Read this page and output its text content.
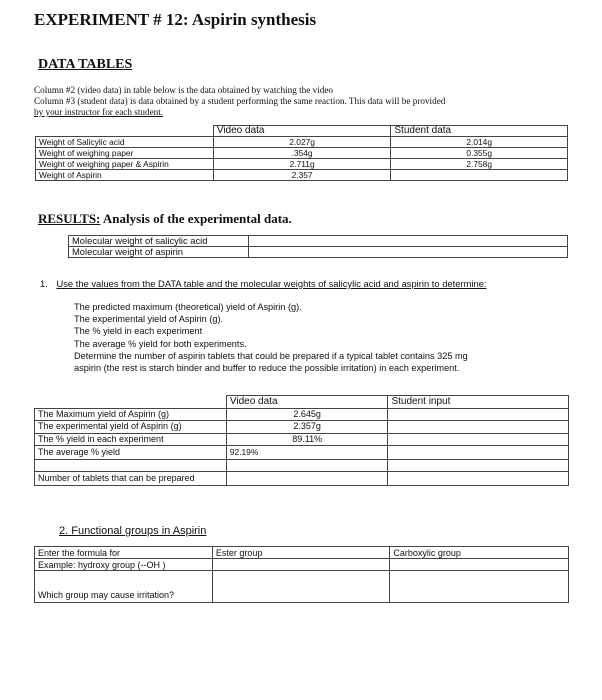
EXPERIMENT # 12: Aspirin synthesis
DATA TABLES
Column #2 (video data) in table below is the data obtained by watching the video
Column #3 (student data) is data obtained by a student performing the same reaction. This data will be provided
by your instructor for each student.
	Video data	Student data
Weight of Salicylic acid	2.027g	2.014g
Weight of weighing paper	.354g	0.355g
Weight of weighing paper & Aspirin	2.711g	2.758g
Weight of Aspirin	2.357	
RESULTS: Analysis of the experimental data.
Molecular weight of salicylic acid	
Molecular weight of aspirin	
1. Use the values from the DATA table and the molecular weights of salicylic acid and aspirin to determine:
The predicted maximum (theoretical) yield of Aspirin (g).
The experimental yield of Aspirin (g).
The % yield in each experiment
The average % yield for both experiments.
Determine the number of aspirin tablets that could be prepared if a typical tablet contains 325 mg
aspirin (the rest is starch binder and buffer to reduce the possible irritation) in each experiment.
	Video data	Student input
The Maximum yield of Aspirin (g)	2.645g	
The experimental yield of Aspirin (g)	2.357g	
The % yield in each experiment	89.11%	
The average % yield	92.19%	

Number of tablets that can be prepared		
2. Functional groups in Aspirin
Enter the formula for	Ester group	Carboxylic group
Example: hydroxy group (--OH )		
Which group may cause irritation?		
